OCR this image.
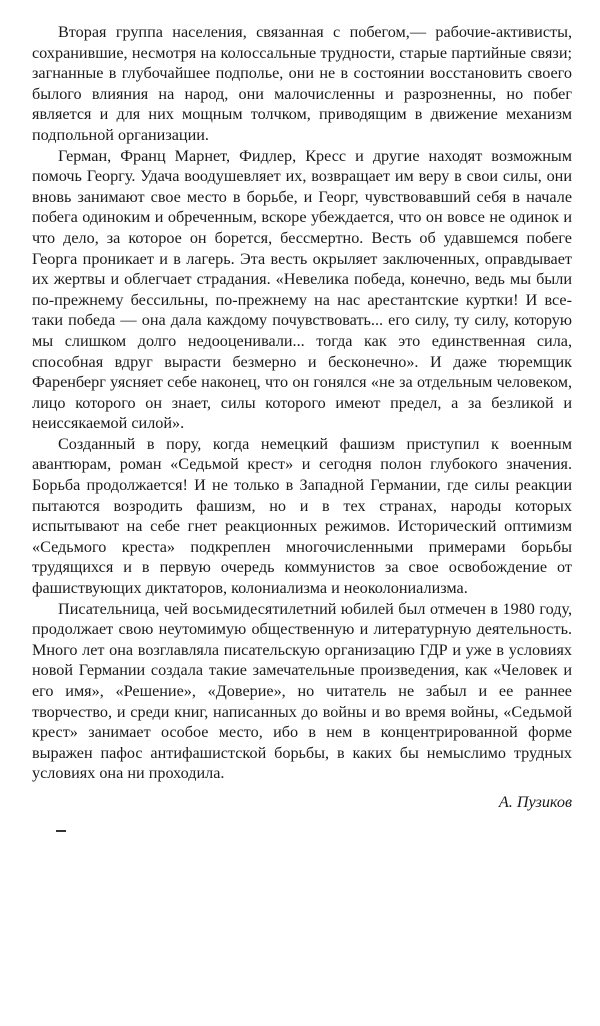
Вторая группа населения, связанная с побегом,— рабочие-активисты, сохранившие, несмотря на колоссальные трудности, старые партийные связи; загнанные в глубочайшее подполье, они не в состоянии восстановить своего былого влияния на народ, они малочисленны и разрозненны, но побег является и для них мощным толчком, приводящим в движение механизм подпольной организации.

Герман, Франц Марнет, Фидлер, Кресс и другие находят возможным помочь Георгу. Удача воодушевляет их, возвращает им веру в свои силы, они вновь занимают свое место в борьбе, и Георг, чувствовавший себя в начале побега одиноким и обреченным, вскоре убеждается, что он вовсе не одинок и что дело, за которое он борется, бессмертно. Весть об удавшемся побеге Георга проникает и в лагерь. Эта весть окрыляет заключенных, оправдывает их жертвы и облегчает страдания. «Невелика победа, конечно, ведь мы были по-прежнему бессильны, по-прежнему на нас арестантские куртки! И все-таки победа — она дала каждому почувствовать... его силу, ту силу, которую мы слишком долго недооценивали... тогда как это единственная сила, способная вдруг вырасти безмерно и бесконечно». И даже тюремщик Фаренберг уясняет себе наконец, что он гонялся «не за отдельным человеком, лицо которого он знает, силы которого имеют предел, а за безликой и неиссякаемой силой».

Созданный в пору, когда немецкий фашизм приступил к военным авантюрам, роман «Седьмой крест» и сегодня полон глубокого значения. Борьба продолжается! И не только в Западной Германии, где силы реакции пытаются возродить фашизм, но и в тех странах, народы которых испытывают на себе гнет реакционных режимов. Исторический оптимизм «Седьмого креста» подкреплен многочисленными примерами борьбы трудящихся и в первую очередь коммунистов за свое освобождение от фашиствующих диктаторов, колониализма и неоколониализма.

Писательница, чей восьмидесятилетний юбилей был отмечен в 1980 году, продолжает свою неутомимую общественную и литературную деятельность. Много лет она возглавляла писательскую организацию ГДР и уже в условиях новой Германии создала такие замечательные произведения, как «Человек и его имя», «Решение», «Доверие», но читатель не забыл и ее раннее творчество, и среди книг, написанных до войны и во время войны, «Седьмой крест» занимает особое место, ибо в нем в концентрированной форме выражен пафос антифашистской борьбы, в каких бы немыслимо трудных условиях она ни проходила.

А. Пузиков
